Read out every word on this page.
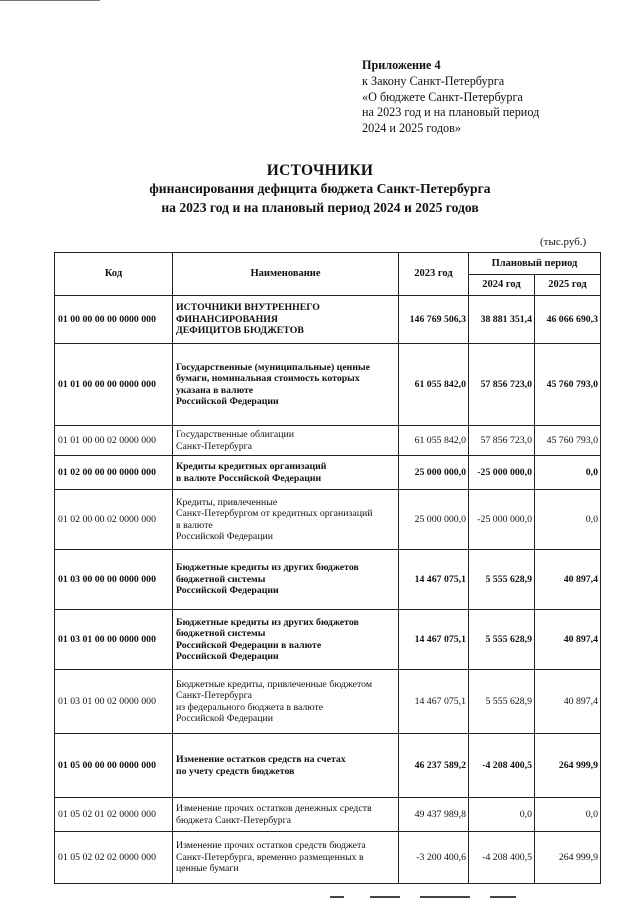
Приложение 4
к Закону Санкт-Петербурга
«О бюджете Санкт-Петербурга
на 2023 год и на плановый период
2024 и 2025 годов»
ИСТОЧНИКИ
финансирования дефицита бюджета Санкт-Петербурга
на 2023 год и на плановый период 2024 и 2025 годов
(тыс.руб.)
Код	Наименование	2023 год	Плановый период	
			2024 год	2025 год
01 00 00 00 00 0000 000	ИСТОЧНИКИ ВНУТРЕННЕГО
ФИНАНСИРОВАНИЯ
ДЕФИЦИТОВ БЮДЖЕТОВ	146 769 506,3	38 881 351,4	46 066 690,3
01 01 00 00 00 0000 000	Государственные (муниципальные) ценные
бумаги, номинальная стоимость которых
указана в валюте
Российской Федерации	61 055 842,0	57 856 723,0	45 760 793,0
01 01 00 00 02 0000 000	Государственные облигации
Санкт-Петербурга	61 055 842,0	57 856 723,0	45 760 793,0
01 02 00 00 00 0000 000	Кредиты кредитных организаций
в валюте Российской Федерации	25 000 000,0	-25 000 000,0	0,0
01 02 00 00 02 0000 000	Кредиты, привлеченные
Санкт-Петербургом от кредитных организаций
в валюте
Российской Федерации	25 000 000,0	-25 000 000,0	0,0
01 03 00 00 00 0000 000	Бюджетные кредиты из других бюджетов
бюджетной системы
Российской Федерации	14 467 075,1	5 555 628,9	40 897,4
01 03 01 00 00 0000 000	Бюджетные кредиты из других бюджетов
бюджетной системы
Российской Федерации в валюте
Российской Федерации	14 467 075,1	5 555 628,9	40 897,4
01 03 01 00 02 0000 000	Бюджетные кредиты, привлеченные бюджетом
Санкт-Петербурга
из федерального бюджета в валюте
Российской Федерации	14 467 075,1	5 555 628,9	40 897,4
01 05 00 00 00 0000 000	Изменение остатков средств на счетах
по учету средств бюджетов	46 237 589,2	-4 208 400,5	264 999,9
01 05 02 01 02 0000 000	Изменение прочих остатков денежных средств
бюджета Санкт-Петербурга	49 437 989,8	0,0	0,0
01 05 02 02 02 0000 000	Изменение прочих остатков средств бюджета
Санкт-Петербурга, временно размещенных в
ценные бумаги	-3 200 400,6	-4 208 400,5	264 999,9
